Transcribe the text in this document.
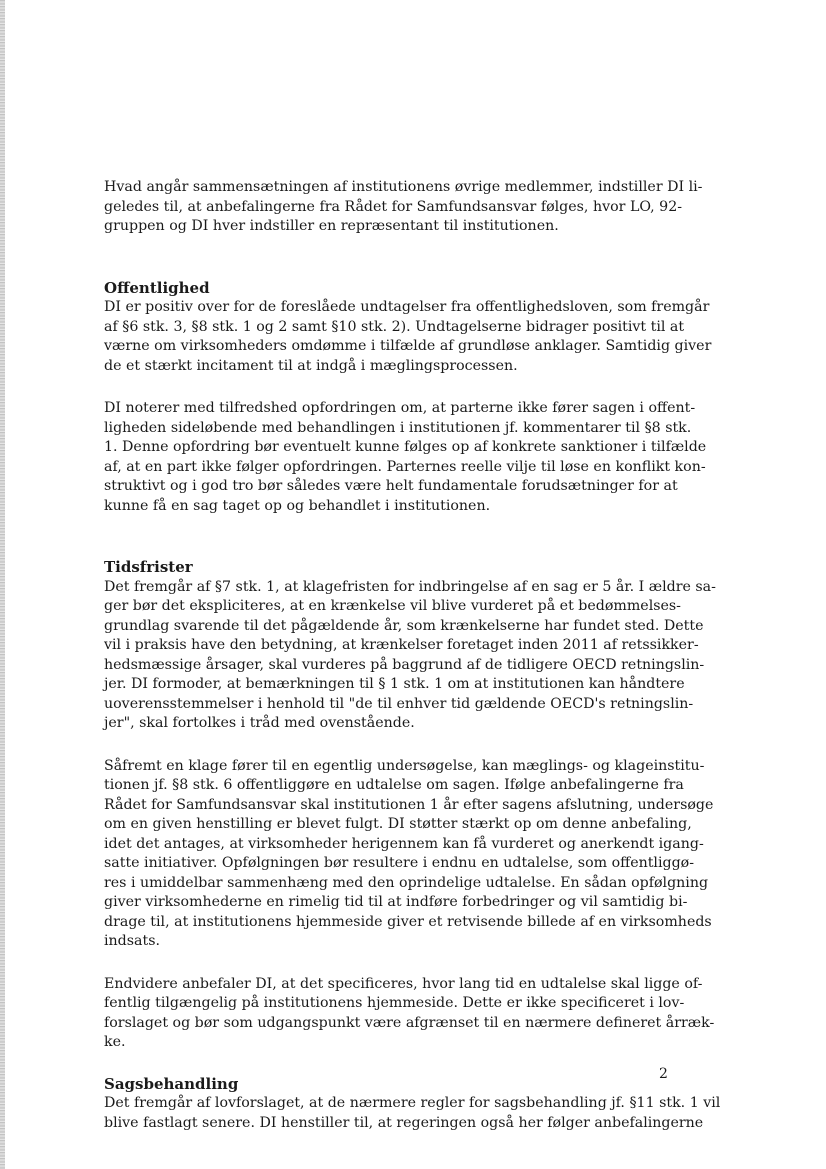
Hvad angår sammensætningen af institutionens øvrige medlemmer, indstiller DI li-
geledes til, at anbefalingerne fra Rådet for Samfundsansvar følges, hvor LO, 92-
gruppen og DI hver indstiller en repræsentant til institutionen.

Offentlighed

DI er positiv over for de foreslåede undtagelser fra offentlighedsloven, som fremgår
af §6 stk. 3, §8 stk. 1 og 2 samt §10 stk. 2). Undtagelserne bidrager positivt til at
værne om virksomheders omdømme i tilfælde af grundløse anklager. Samtidig giver
de et stærkt incitament til at indgå i mæglingsprocessen.

DI noterer med tilfredshed opfordringen om, at parterne ikke fører sagen i offent-
ligheden sideløbende med behandlingen i institutionen jf. kommentarer til §8 stk.
1. Denne opfordring bør eventuelt kunne følges op af konkrete sanktioner i tilfælde
af, at en part ikke følger opfordringen. Parternes reelle vilje til løse en konflikt kon-
struktivt og i god tro bør således være helt fundamentale forudsætninger for at
kunne få en sag taget op og behandlet i institutionen.

Tidsfrister

Det fremgår af §7 stk. 1, at klagefristen for indbringelse af en sag er 5 år. I ældre sa-
ger bør det ekspliciteres, at en krænkelse vil blive vurderet på et bedømmelses-
grundlag svarende til det pågældende år, som krænkelserne har fundet sted. Dette
vil i praksis have den betydning, at krænkelser foretaget inden 2011 af retssikker-
hedsmæssige årsager, skal vurderes på baggrund af de tidligere OECD retningslin-
jer. DI formoder, at bemærkningen til § 1 stk. 1 om at institutionen kan håndtere
uoverensstemmelser i henhold til "de til enhver tid gældende OECD's retningslin-
jer", skal fortolkes i tråd med ovenstående.

Såfremt en klage fører til en egentlig undersøgelse, kan mæglings- og klageinstitu-
tionen jf. §8 stk. 6 offentliggøre en udtalelse om sagen. Ifølge anbefalingerne fra
Rådet for Samfundsansvar skal institutionen 1 år efter sagens afslutning, undersøge
om en given henstilling er blevet fulgt. DI støtter stærkt op om denne anbefaling,
idet det antages, at virksomheder herigennem kan få vurderet og anerkendt igang-
satte initiativer. Opfølgningen bør resultere i endnu en udtalelse, som offentliggø-
res i umiddelbar sammenhæng med den oprindelige udtalelse. En sådan opfølgning
giver virksomhederne en rimelig tid til at indføre forbedringer og vil samtidig bi-
drage til, at institutionens hjemmeside giver et retvisende billede af en virksomheds
indsats.

Endvidere anbefaler DI, at det specificeres, hvor lang tid en udtalelse skal ligge of-
fentlig tilgængelig på institutionens hjemmeside. Dette er ikke specificeret i lov-
forslaget og bør som udgangspunkt være afgrænset til en nærmere defineret årræk-
ke.

Sagsbehandling

Det fremgår af lovforslaget, at de nærmere regler for sagsbehandling jf. §11 stk. 1 vil
blive fastlagt senere. DI henstiller til, at regeringen også her følger anbefalingerne

2
